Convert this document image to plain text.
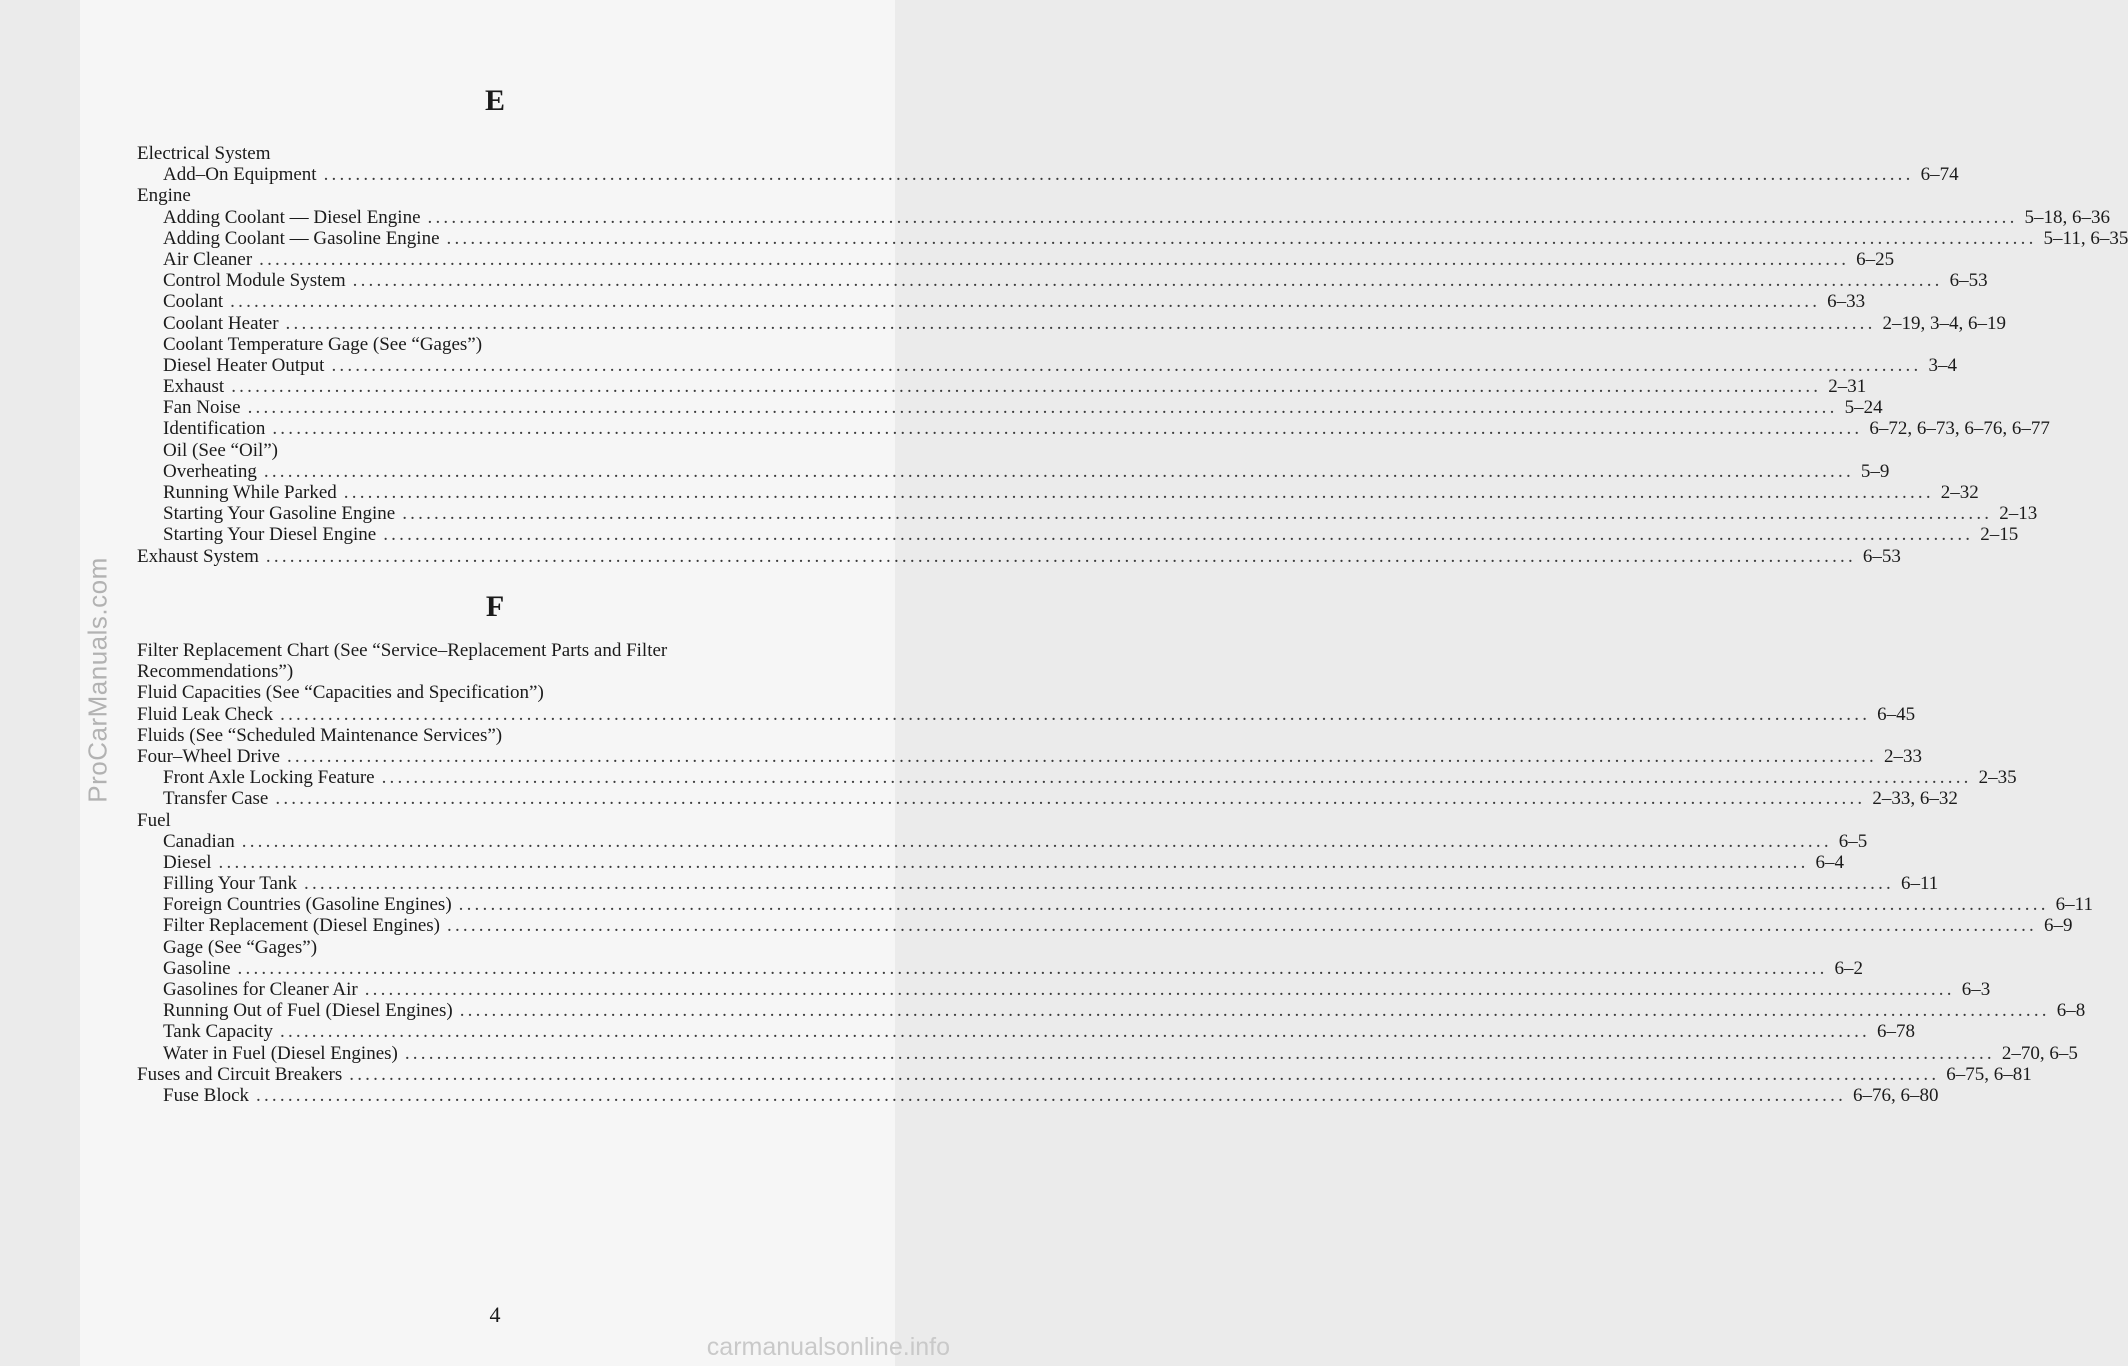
ProCarManuals.com
E
Electrical System
Add–On Equipment ........................................................................................................................................................................................................ 6–74
Engine
Adding Coolant — Diesel Engine ........................................................................................................................................................................................................ 5–18, 6–36
Adding Coolant — Gasoline Engine ........................................................................................................................................................................................................ 5–11, 6–35
Air Cleaner ........................................................................................................................................................................................................ 6–25
Control Module System ........................................................................................................................................................................................................ 6–53
Coolant ........................................................................................................................................................................................................ 6–33
Coolant Heater ........................................................................................................................................................................................................ 2–19, 3–4, 6–19
Coolant Temperature Gage (See “Gages”)
Diesel Heater Output ........................................................................................................................................................................................................ 3–4
Exhaust ........................................................................................................................................................................................................ 2–31
Fan Noise ........................................................................................................................................................................................................ 5–24
Identification ........................................................................................................................................................................................................ 6–72, 6–73, 6–76, 6–77
Oil (See “Oil”)
Overheating ........................................................................................................................................................................................................ 5–9
Running While Parked ........................................................................................................................................................................................................ 2–32
Starting Your Gasoline Engine ........................................................................................................................................................................................................ 2–13
Starting Your Diesel Engine ........................................................................................................................................................................................................ 2–15
Exhaust System ........................................................................................................................................................................................................ 6–53
F
Filter Replacement Chart (See “Service–Replacement Parts and Filter
Recommendations”)
Fluid Capacities (See “Capacities and Specification”)
Fluid Leak Check ........................................................................................................................................................................................................ 6–45
Fluids (See “Scheduled Maintenance Services”)
Four–Wheel Drive ........................................................................................................................................................................................................ 2–33
Front Axle Locking Feature ........................................................................................................................................................................................................ 2–35
Transfer Case ........................................................................................................................................................................................................ 2–33, 6–32
Fuel
Canadian ........................................................................................................................................................................................................ 6–5
Diesel ........................................................................................................................................................................................................ 6–4
Filling Your Tank ........................................................................................................................................................................................................ 6–11
Foreign Countries (Gasoline Engines) ........................................................................................................................................................................................................ 6–11
Filter Replacement (Diesel Engines) ........................................................................................................................................................................................................ 6–9
Gage (See “Gages”)
Gasoline ........................................................................................................................................................................................................ 6–2
Gasolines for Cleaner Air ........................................................................................................................................................................................................ 6–3
Running Out of Fuel (Diesel Engines) ........................................................................................................................................................................................................ 6–8
Tank Capacity ........................................................................................................................................................................................................ 6–78
Water in Fuel (Diesel Engines) ........................................................................................................................................................................................................ 2–70, 6–5
Fuses and Circuit Breakers ........................................................................................................................................................................................................ 6–75, 6–81
Fuse Block ........................................................................................................................................................................................................ 6–76, 6–80
4
carmanualsonline.info
